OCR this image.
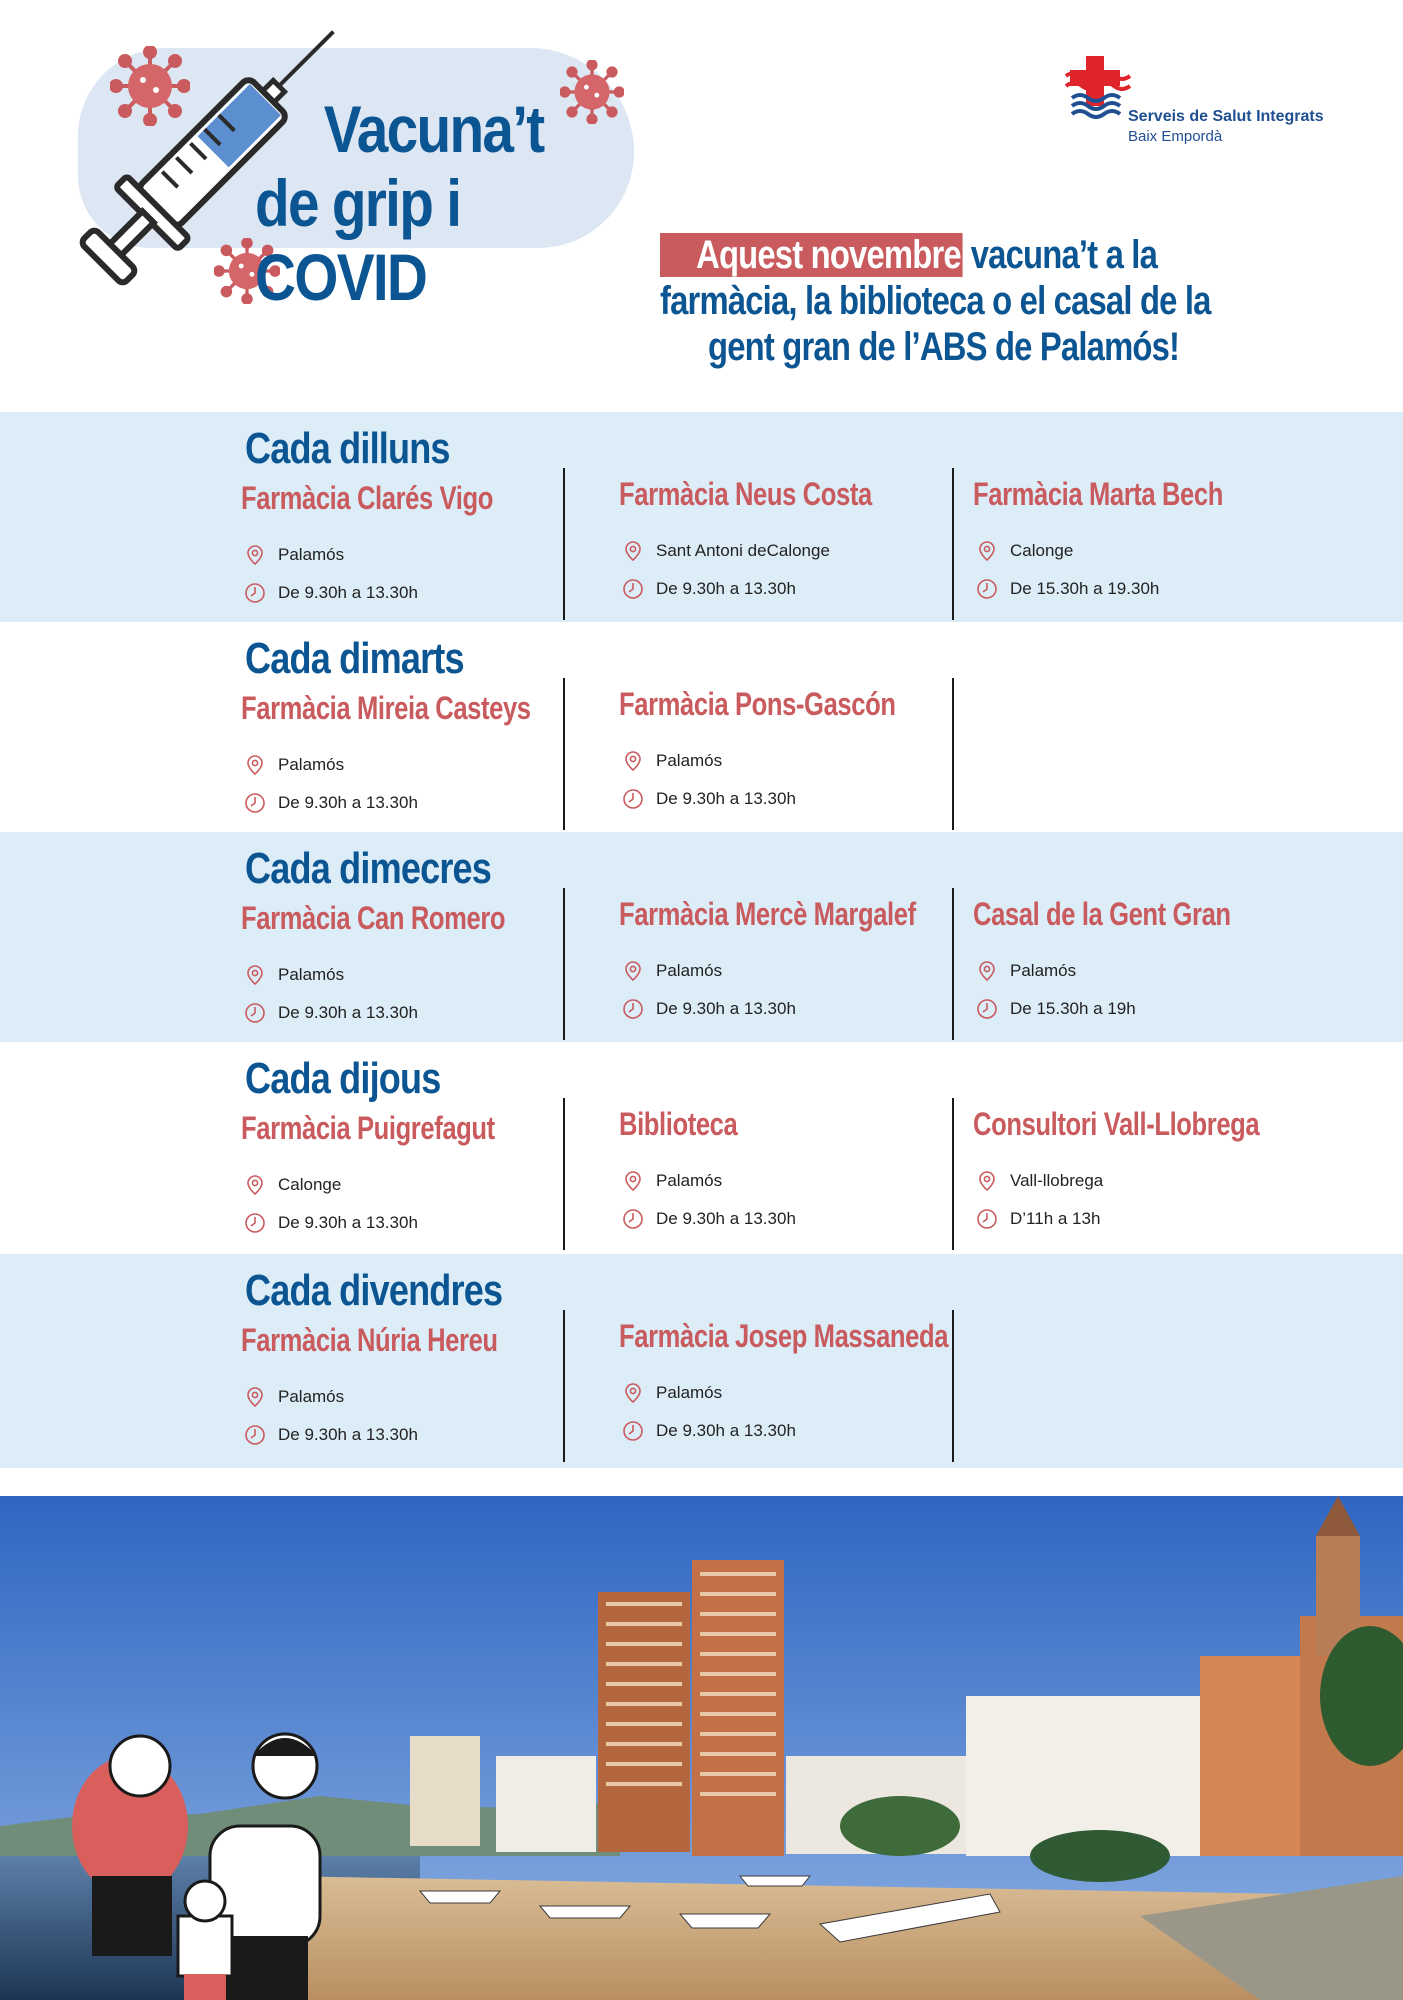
Vacuna’t
de grip i COVID
Serveis de Salut Integrats
Baix Empordà
Aquest novembre vacuna’t a la
farmàcia, la biblioteca o el casal de la
gent gran de l’ABS de Palamós!
Cada dilluns
Farmàcia Clarés Vigo
Palamós
De 9.30h a 13.30h
Farmàcia Neus Costa
Sant Antoni deCalonge
De 9.30h a 13.30h
Farmàcia Marta Bech
Calonge
De 15.30h a 19.30h
Cada dimarts
Farmàcia Mireia Casteys
Palamós
De 9.30h a 13.30h
Farmàcia Pons-Gascón
Palamós
De 9.30h a 13.30h
Cada dimecres
Farmàcia Can Romero
Palamós
De 9.30h a 13.30h
Farmàcia Mercè Margalef
Palamós
De 9.30h a 13.30h
Casal de la Gent Gran
Palamós
De 15.30h a 19h
Cada dijous
Farmàcia Puigrefagut
Calonge
De 9.30h a 13.30h
Biblioteca
Palamós
De 9.30h a 13.30h
Consultori Vall-Llobrega
Vall-llobrega
D’11h a 13h
Cada divendres
Farmàcia Núria Hereu
Palamós
De 9.30h a 13.30h
Farmàcia Josep Massaneda
Palamós
De 9.30h a 13.30h
